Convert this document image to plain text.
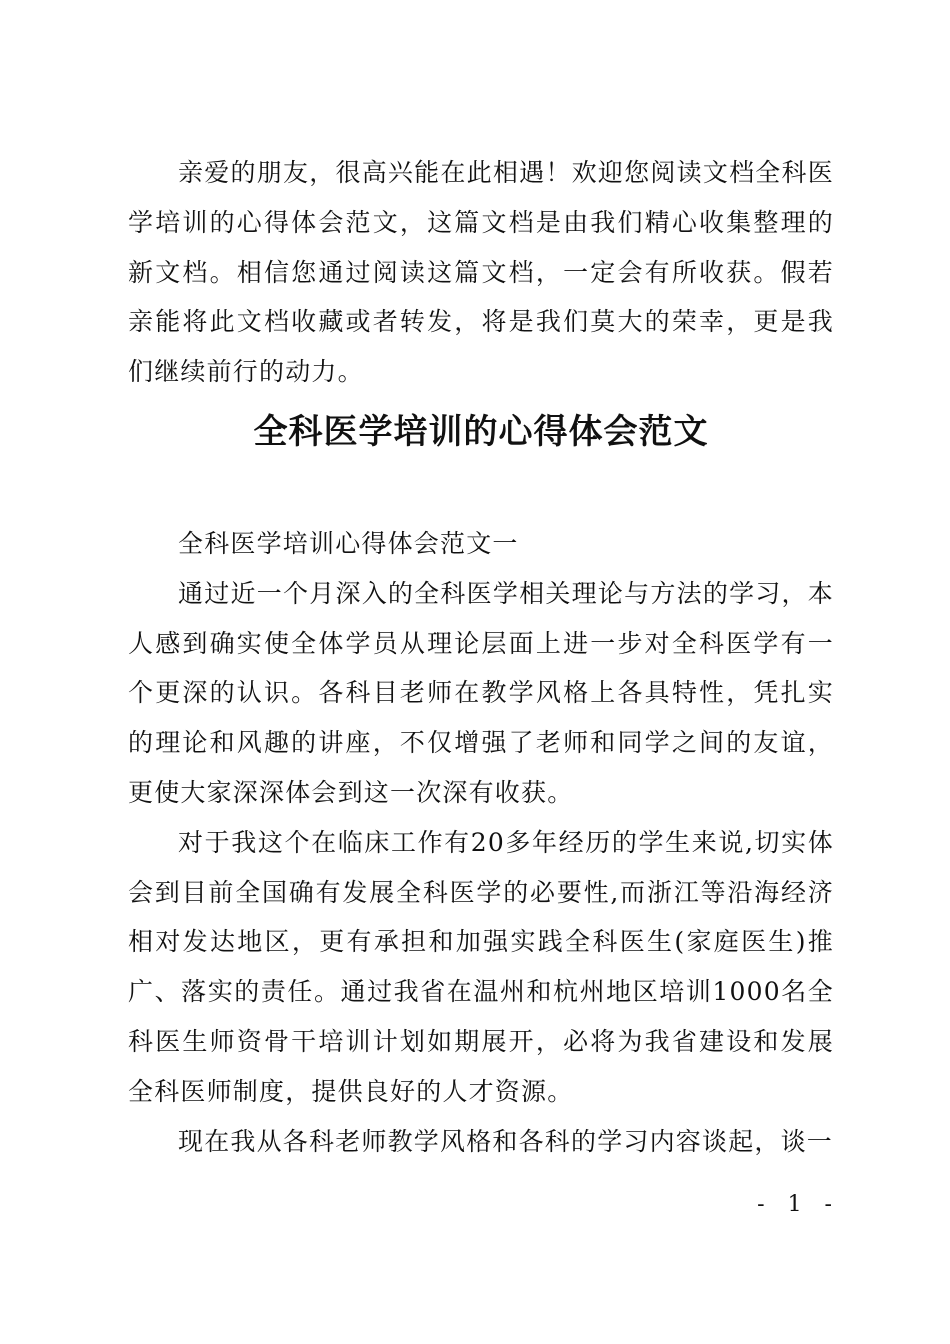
亲爱的朋友，很高兴能在此相遇！欢迎您阅读文档全科医学培训的心得体会范文，这篇文档是由我们精心收集整理的新文档。相信您通过阅读这篇文档，一定会有所收获。假若亲能将此文档收藏或者转发，将是我们莫大的荣幸，更是我们继续前行的动力。

全科医学培训的心得体会范文

全科医学培训心得体会范文一

通过近一个月深入的全科医学相关理论与方法的学习，本人感到确实使全体学员从理论层面上进一步对全科医学有一个更深的认识。各科目老师在教学风格上各具特性，凭扎实的理论和风趣的讲座，不仅增强了老师和同学之间的友谊，更使大家深深体会到这一次深有收获。

对于我这个在临床工作有20多年经历的学生来说,切实体会到目前全国确有发展全科医学的必要性,而浙江等沿海经济相对发达地区，更有承担和加强实践全科医生(家庭医生)推广、落实的责任。通过我省在温州和杭州地区培训1000名全科医生师资骨干培训计划如期展开，必将为我省建设和发展全科医师制度，提供良好的人才资源。

现在我从各科老师教学风格和各科的学习内容谈起，谈一

- 1 -
